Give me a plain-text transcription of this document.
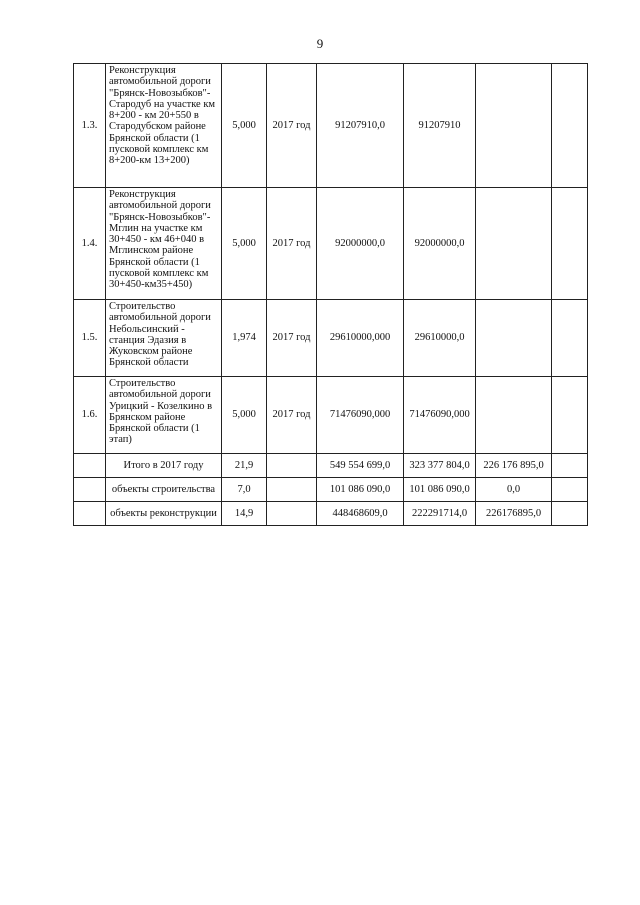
9
1.3.	Реконструкция автомобильной дороги "Брянск-Новозыбков"-Стародуб на участке км 8+200 - км 20+550 в Стародубском районе Брянской области (1 пусковой комплекс км 8+200-км 13+200)	5,000	2017 год	91207910,0	91207910		
1.4.	Реконструкция автомобильной дороги "Брянск-Новозыбков"-Мглин на участке км 30+450 - км 46+040 в Мглинском районе Брянской области (1 пусковой комплекс км 30+450-км35+450)	5,000	2017 год	92000000,0	92000000,0		
1.5.	Строительство автомобильной дороги Небольсинский - станция Эдазия в Жуковском районе Брянской области	1,974	2017 год	29610000,000	29610000,0		
1.6.	Строительство автомобильной дороги Урицкий - Козелкино в Брянском районе Брянской области (1 этап)	5,000	2017 год	71476090,000	71476090,000		
	Итого в 2017 году	21,9		549 554 699,0	323 377 804,0	226 176 895,0	
	объекты строительства	7,0		101 086 090,0	101 086 090,0	0,0	
	объекты реконструкции	14,9		448468609,0	222291714,0	226176895,0	
